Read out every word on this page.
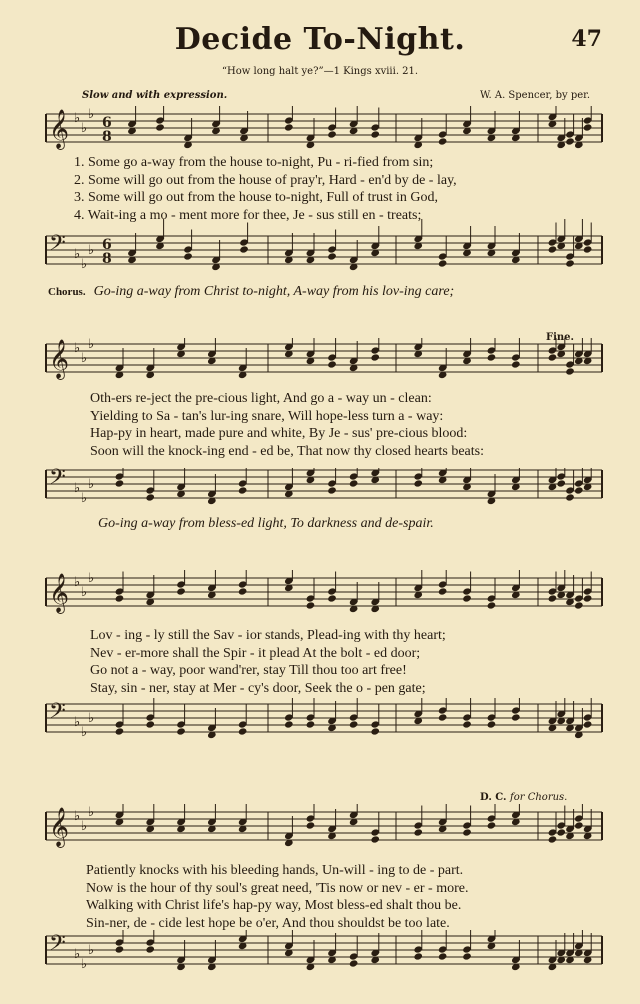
Decide To-Night.	47
“How long halt ye?”—1 Kings xviii. 21.
Slow and with expression.	W. A. Spencer, by per.
𝄞 ♭
♭
♭
6
8
1. Some go a-way from the house to-night, Pu - ri-fied from sin;
2. Some will go out from the house of pray'r, Hard - en'd by de - lay,
3. Some will go out from the house to-night, Full of trust in God,
4. Wait-ing a mo - ment more for thee, Je - sus still en - treats;
𝄢 ♭
♭
♭ 6
8
Chorus. Go-ing a-way from Christ to-night, A-way from his lov-ing care;
Fine.
𝄞 ♭
♭
♭
Oth-ers re-ject the pre-cious light, And go a - way un - clean:
Yielding to Sa - tan's lur-ing snare, Will hope-less turn a - way:
Hap-py in heart, made pure and white, By Je - sus' pre-cious blood:
Soon will the knock-ing end - ed be, That now thy closed hearts beats:
𝄢 ♭
♭
♭
Go-ing a-way from bless-ed light, To darkness and de-spair.
𝄞 ♭
♭
♭
Lov - ing - ly still the Sav - ior stands, Plead-ing with thy heart;
Nev - er-more shall the Spir - it plead At the bolt - ed door;
Go not a - way, poor wand'rer, stay Till thou too art free!
Stay, sin - ner, stay at Mer - cy's door, Seek the o - pen gate;
𝄢 ♭
♭
♭
D. C. for Chorus.
𝄞 ♭
♭
♭
Patiently knocks with his bleeding hands, Un-will - ing to de - part.
Now is the hour of thy soul's great need, 'Tis now or nev - er - more.
Walking with Christ life's hap-py way, Most bless-ed shalt thou be.
Sin-ner, de - cide lest hope be o'er, And thou shouldst be too late.
𝄢 ♭
♭
♭
